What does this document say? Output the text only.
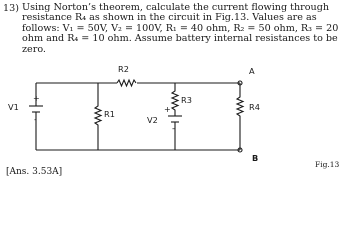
13) Using Norton’s theorem, calculate the current flowing through resistance R₄ as shown in the circuit in Fig.13. Values are as follows: V₁ = 50V, V₂ = 100V, R₁ = 40 ohm, R₂ = 50 ohm, R₃ = 20 ohm and R₄ = 10 ohm. Assume battery internal resistances to be zero.
R2
V1
+
-
R1
R3
V2
+
-
R4
A
B
Fig.13
[Ans. 3.53A]
